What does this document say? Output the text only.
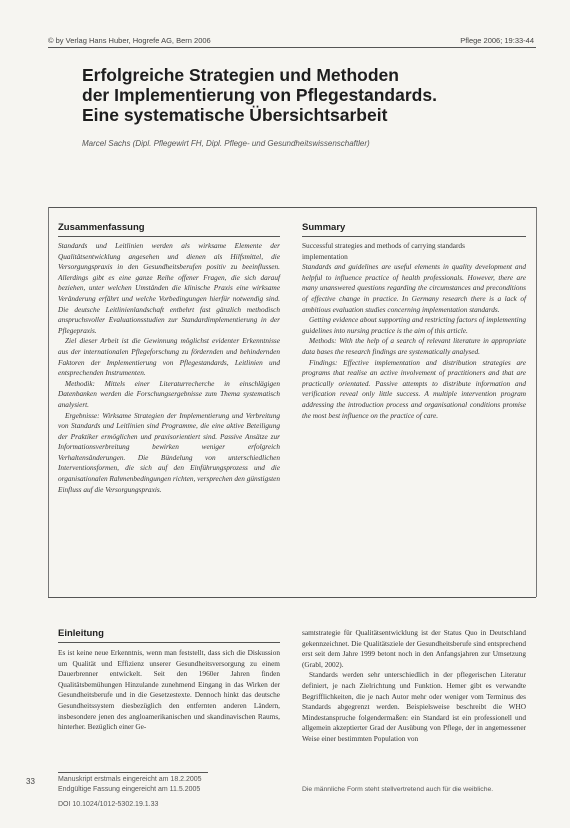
© by Verlag Hans Huber, Hogrefe AG, Bern 2006	Pflege 2006; 19:33-44
Erfolgreiche Strategien und Methoden
der Implementierung von Pflegestandards.
Eine systematische Übersichtsarbeit
Marcel Sachs (Dipl. Pflegewirt FH, Dipl. Pflege- und Gesundheitswissenschaftler)
Zusammenfassung

Standards und Leitlinien werden als wirksame Elemente der Qualitätsentwicklung angesehen und dienen als Hilfsmittel, die Versorgungspraxis in den Gesundheitsberufen positiv zu beeinflussen. Allerdings gibt es eine ganze Reihe offener Fragen, die sich darauf beziehen, unter welchen Umständen die klinische Praxis eine wirksame Veränderung erfährt und welche Vorbedingungen hierfür notwendig sind. Die deutsche Leitlinienlandschaft entbehrt fast gänzlich methodisch anspruchsvoller Evaluationsstudien zur Standardimplementierung in der Pflegepraxis.

Ziel dieser Arbeit ist die Gewinnung möglichst evidenter Erkenntnisse aus der internationalen Pflegeforschung zu fördernden und behindernden Faktoren der Implementierung von Pflegestandards, Leitlinien und entsprechenden Instrumenten.

Methodik: Mittels einer Literaturrecherche in einschlägigen Datenbanken werden die Forschungsergebnisse zum Thema systematisch analysiert.

Ergebnisse: Wirksame Strategien der Implementierung und Verbreitung von Standards und Leitlinien sind Programme, die eine aktive Beteiligung der Praktiker ermöglichen und praxisorientiert sind. Passive Ansätze zur Informationsverbreitung bewirken weniger erfolgreich Verhaltensänderungen. Die Bündelung von unterschiedlichen Interventionsformen, die sich auf den Einführungsprozess und die organisationalen Rahmenbedingungen richten, versprechen den günstigsten Einfluss auf die Versorgungspraxis.

Summary

Successful strategies and methods of carrying standards

implementation

Standards and guidelines are useful elements in quality development and helpful to influence practice of health professionals. However, there are many unanswered questions regarding the circumstances and preconditions of effective change in practice. In Germany research there is a lack of ambitious evaluation studies concerning implementation standards.

Getting evidence about supporting and restricting factors of implementing guidelines into nursing practice is the aim of this article.

Methods: With the help of a search of relevant literature in appropriate data bases the research findings are systematically analysed.

Findings: Effective implementation and distribution strategies are programs that realise an active involvement of practitioners and that are practically orientated. Passive attempts to distribute information and verification reveal only little success. A multiple intervention program addressing the introduction process and organisational conditions promise the most best influence on the practice of care.

Einleitung

Es ist keine neue Erkenntnis, wenn man feststellt, dass sich die Diskussion um Qualität und Effizienz unserer Gesundheitsversorgung zu einem Dauerbrenner entwickelt. Seit den 1960er Jahren finden Qualitätsbemühungen Hinzulande zunehmend Eingang in das Wirken der Gesundheitsberufe und in die Gesetzestexte. Dennoch hinkt das deutsche Gesundheitssystem diesbezüglich den entfernten anderen Ländern, insbesondere jenen des angloamerikanischen und skandinavischen Raums, hinterher. Bezüglich einer Ge-

samtstrategie für Qualitätsentwicklung ist der Status Quo in Deutschland gekennzeichnet. Die Qualitätsziele der Gesundheitsberufe sind entsprechend erst seit dem Jahre 1999 betont noch in den Anfangsjahren zur Umsetzung (Grabl, 2002).

Standards werden sehr unterschiedlich in der pflegerischen Literatur definiert, je nach Zielrichtung und Funktion. Hemer gibt es verwandte Begrifflichkeiten, die je nach Autor mehr oder weniger vom Terminus des Standards abgegrenzt werden. Beispielsweise beschreibt die WHO Mindestanspruche folgendermaßen: ein Standard ist ein professionell und allgemein akzeptierter Grad der Ausübung von Pflege, der in angemessener Weise einer bestimmten Population von

33	Manuskript erstmals eingereicht am 18.2.2005
Endgültige Fassung eingereicht am 11.5.2005
DOI 10.1024/1012-5302.19.1.33
Die männliche Form steht stellvertretend auch für die weibliche.
